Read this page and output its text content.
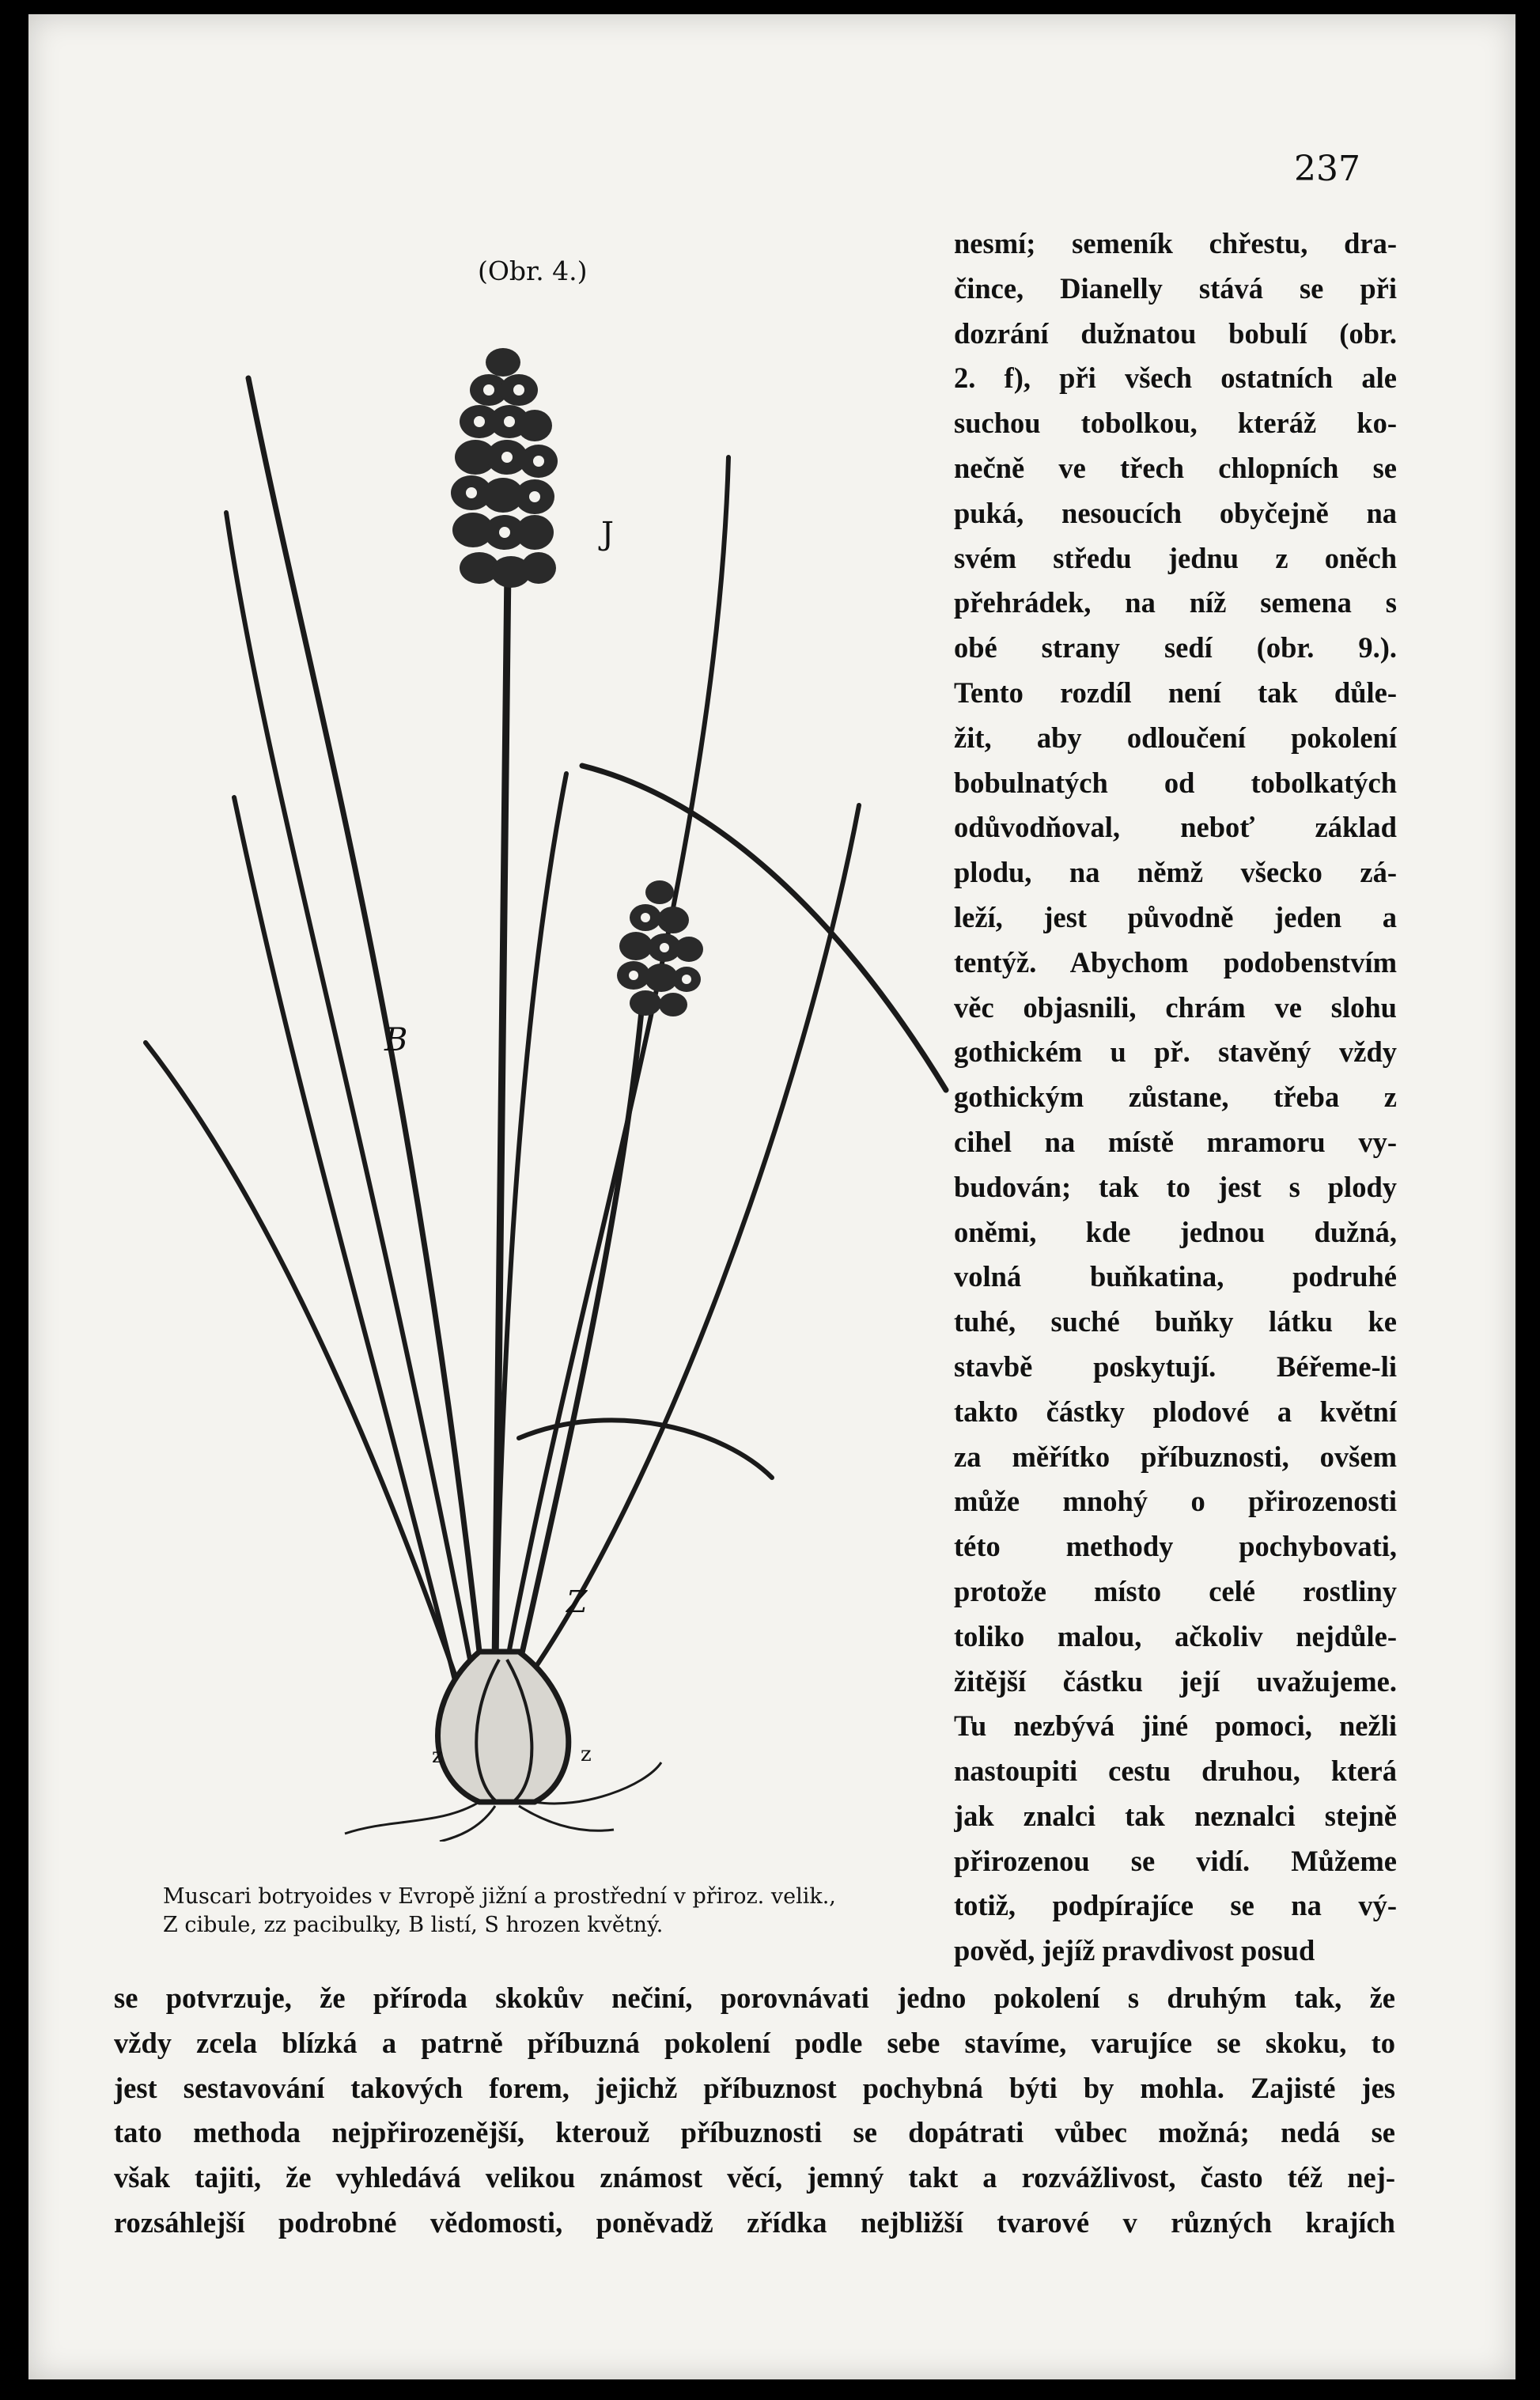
237
(Obr. 4.)
J
B
Z
z	z
Muscari botryoides v Evropě jižní a prostřední v přiroz. velik.,
Z cibule, zz pacibulky, B listí, S hrozen květný.
nesmí; semeník chřestu, dra-
čince, Dianelly stává se při
dozrání dužnatou bobulí (obr.
2. f), při všech ostatních ale
suchou tobolkou, kteráž ko-
nečně ve třech chlopních se
puká, nesoucích obyčejně na
svém středu jednu z oněch
přehrádek, na níž semena s
obé strany sedí (obr. 9.).
Tento rozdíl není tak důle-
žit, aby odloučení pokolení
bobulnatých od tobolkatých
odůvodňoval, neboť základ
plodu, na němž všecko zá-
leží, jest původně jeden a
tentýž. Abychom podobenstvím
věc objasnili, chrám ve slohu
gothickém u př. stavěný vždy
gothickým zůstane, třeba z
cihel na místě mramoru vy-
budován; tak to jest s plody
oněmi, kde jednou dužná,
volná buňkatina, podruhé
tuhé, suché buňky látku ke
stavbě poskytují. Béřeme-li
takto částky plodové a květní
za měřítko příbuznosti, ovšem
může mnohý o přirozenosti
této methody pochybovati,
protože místo celé rostliny
toliko malou, ačkoliv nejdůle-
žitější částku její uvažujeme.
Tu nezbývá jiné pomoci, nežli
nastoupiti cestu druhou, která
jak znalci tak neznalci stejně
přirozenou se vidí. Můžeme
totiž, podpírajíce se na vý-
pověd, jejíž pravdivost posud
se potvrzuje, že příroda skokův nečiní, porovnávati jedno pokolení s druhým tak, že
vždy zcela blízká a patrně příbuzná pokolení podle sebe stavíme, varujíce se skoku, to
jest sestavování takových forem, jejichž příbuznost pochybná býti by mohla. Zajisté jes
tato methoda nejpřirozenější, kterouž příbuznosti se dopátrati vůbec možná; nedá se
však tajiti, že vyhledává velikou známost věcí, jemný takt a rozvážlivost, často též nej-
rozsáhlejší podrobné vědomosti, poněvadž zřídka nejbližší tvarové v různých krajích
